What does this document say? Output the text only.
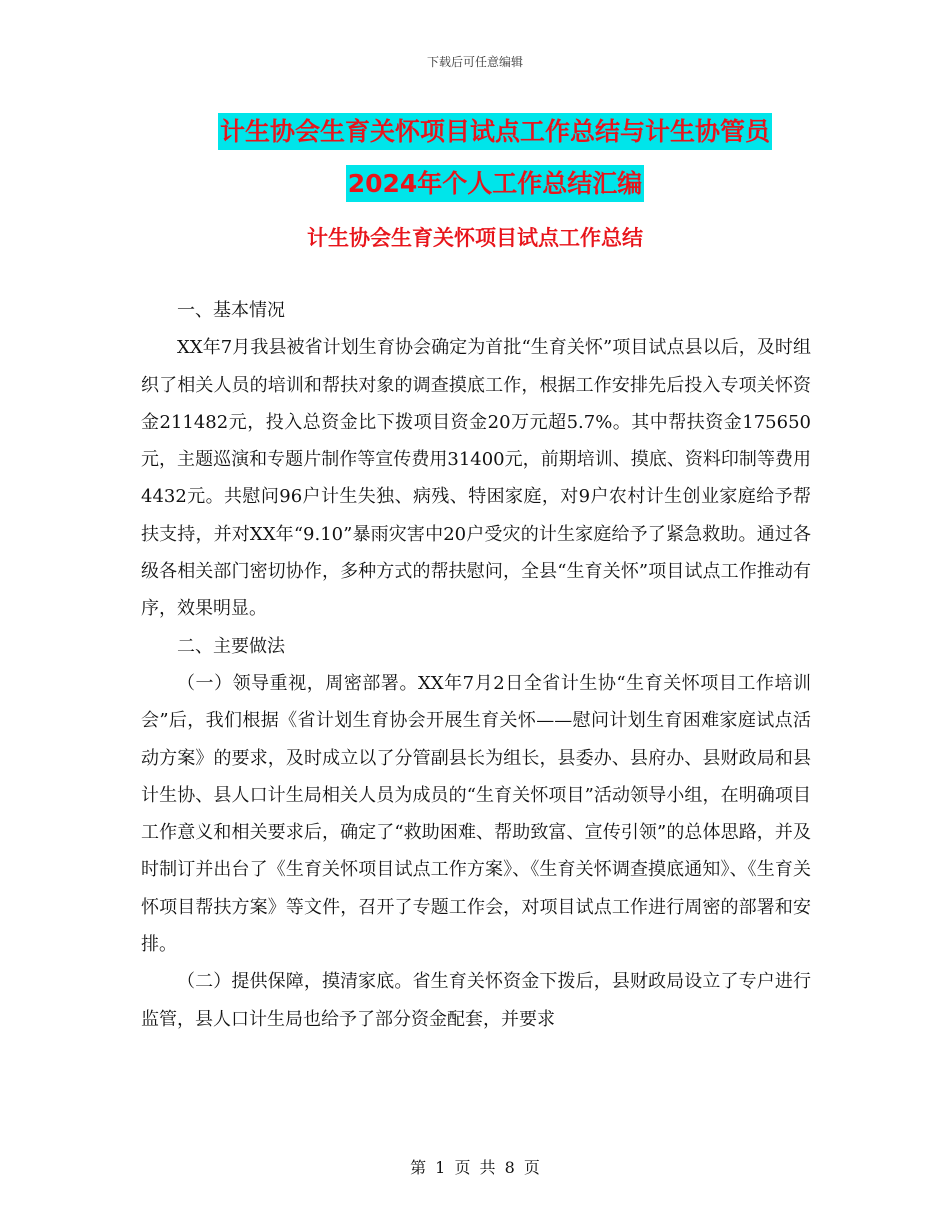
下载后可任意编辑
计生协会生育关怀项目试点工作总结与计生协管员
2024年个人工作总结汇编
计生协会生育关怀项目试点工作总结

一、基本情况

XX年7月我县被省计划生育协会确定为首批“生育关怀”项目试点县以后，及时组织了相关人员的培训和帮扶对象的调查摸底工作，根据工作安排先后投入专项关怀资金211482元，投入总资金比下拨项目资金20万元超5.7%。其中帮扶资金175650元，主题巡演和专题片制作等宣传费用31400元，前期培训、摸底、资料印制等费用4432元。共慰问96户计生失独、病残、特困家庭，对9户农村计生创业家庭给予帮扶支持，并对XX年“9.10”暴雨灾害中20户受灾的计生家庭给予了紧急救助。通过各级各相关部门密切协作，多种方式的帮扶慰问，全县“生育关怀”项目试点工作推动有序，效果明显。

二、主要做法

（一）领导重视，周密部署。XX年7月2日全省计生协“生育关怀项目工作培训会”后，我们根据《省计划生育协会开展生育关怀——慰问计划生育困难家庭试点活动方案》的要求，及时成立以了分管副县长为组长，县委办、县府办、县财政局和县计生协、县人口计生局相关人员为成员的“生育关怀项目”活动领导小组，在明确项目工作意义和相关要求后，确定了“救助困难、帮助致富、宣传引领”的总体思路，并及时制订并出台了《生育关怀项目试点工作方案》、《生育关怀调查摸底通知》、《生育关怀项目帮扶方案》等文件，召开了专题工作会，对项目试点工作进行周密的部署和安排。

（二）提供保障，摸清家底。省生育关怀资金下拨后，县财政局设立了专户进行监管，县人口计生局也给予了部分资金配套，并要求

第 1 页 共 8 页
